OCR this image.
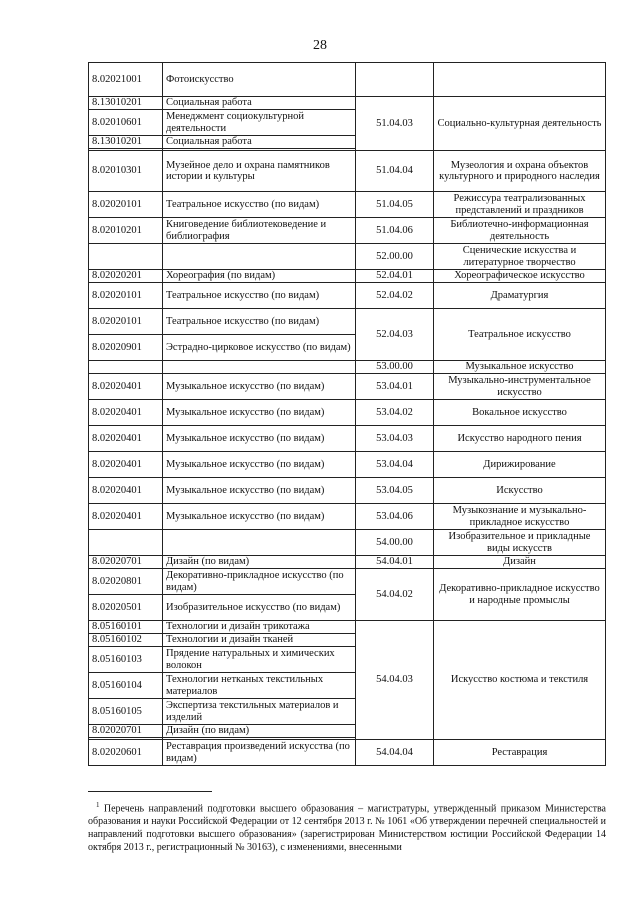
28
8.02021001	Фотоискусство		
8.13010201	Социальная работа	51.04.03	Социально-культурная деятельность
8.02010601	Менеджмент социокультурной деятельности		
8.13010201	Социальная работа		

8.02010301	Музейное дело и охрана памятников истории и культуры	51.04.04	Музеология и охрана объектов культурного и природного наследия
8.02020101	Театральное искусство (по видам)	51.04.05	Режиссура театрализованных представлений и праздников
8.02010201	Книговедение библиотековедение и библиография	51.04.06	Библиотечно-информационная деятельность
		52.00.00	Сценические искусства и литературное творчество
8.02020201	Хореография (по видам)	52.04.01	Хореографическое искусство
8.02020101	Театральное искусство (по видам)	52.04.02	Драматургия
8.02020101	Театральное искусство (по видам)	52.04.03	Театральное искусство
8.02020901	Эстрадно-цирковое искусство (по видам)		
		53.00.00	Музыкальное искусство
8.02020401	Музыкальное искусство (по видам)	53.04.01	Музыкально-инструментальное искусство
8.02020401	Музыкальное искусство (по видам)	53.04.02	Вокальное искусство
8.02020401	Музыкальное искусство (по видам)	53.04.03	Искусство народного пения
8.02020401	Музыкальное искусство (по видам)	53.04.04	Дирижирование
8.02020401	Музыкальное искусство (по видам)	53.04.05	Искусство
8.02020401	Музыкальное искусство (по видам)	53.04.06	Музыкознание и музыкально-прикладное искусство
		54.00.00	Изобразительное и прикладные виды искусств
8.02020701	Дизайн (по видам)	54.04.01	Дизайн
8.02020801	Декоративно-прикладное искусство (по видам)	54.04.02	Декоративно-прикладное искусство и народные промыслы
8.02020501	Изобразительное искусство (по видам)		
8.05160101	Технологии и дизайн трикотажа	54.04.03	Искусство костюма и текстиля
8.05160102	Технологии и дизайн тканей		
8.05160103	Прядение натуральных и химических волокон		
8.05160104	Технологии нетканых текстильных материалов		
8.05160105	Экспертиза текстильных материалов и изделий		
8.02020701	Дизайн (по видам)		

8.02020601	Реставрация произведений искусства (по видам)	54.04.04	Реставрация
$^1$ Перечень направлений подготовки высшего образования – магистратуры, утвержденный приказом Министерства образования и науки Российской Федерации от 12 сентября 2013 г. № 1061 «Об утверждении перечней специальностей и направлений подготовки высшего образования» (зарегистрирован Министерством юстиции Российской Федерации 14 октября 2013 г., регистрационный № 30163), с изменениями, внесенными
